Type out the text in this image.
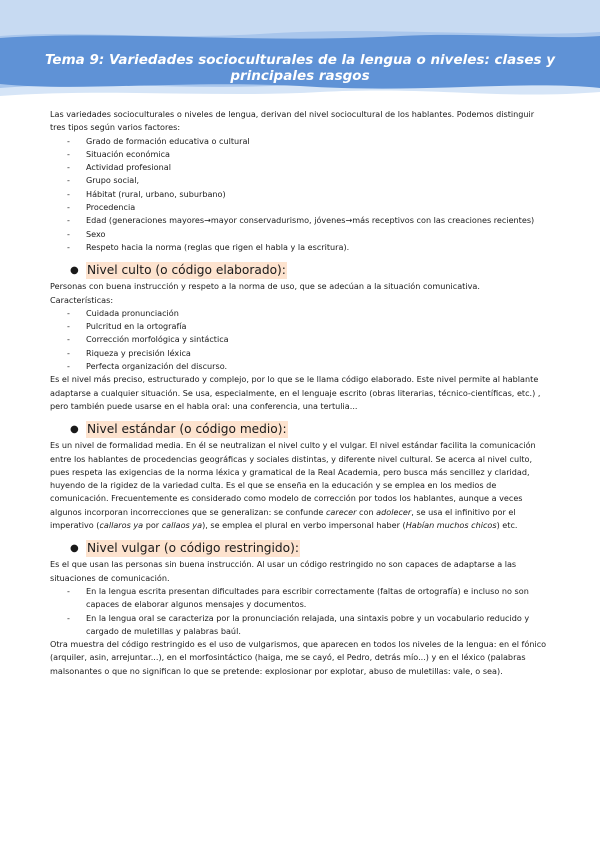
Tema 9: Variedades socioculturales de la lengua o niveles: clases y principales rasgos

Las variedades socioculturales o niveles de lengua, derivan del nivel sociocultural de los hablantes. Podemos distinguir tres tipos según varios factores:

- Grado de formación educativa o cultural
- Situación económica
- Actividad profesional
- Grupo social,
- Hábitat (rural, urbano, suburbano)
- Procedencia
- Edad (generaciones mayores→mayor conservadurismo, jóvenes→más receptivos con las creaciones recientes)
- Sexo
- Respeto hacia la norma (reglas que rigen el habla y la escritura).
● Nivel culto (o código elaborado):

Personas con buena instrucción y respeto a la norma de uso, que se adecúan a la situación comunicativa.

Características:

- Cuidada pronunciación
- Pulcritud en la ortografía
- Corrección morfológica y sintáctica
- Riqueza y precisión léxica
- Perfecta organización del discurso.

Es el nivel más preciso, estructurado y complejo, por lo que se le llama código elaborado. Este nivel permite al hablante adaptarse a cualquier situación. Se usa, especialmente, en el lenguaje escrito (obras literarias, técnico-científicas, etc.) , pero también puede usarse en el habla oral: una conferencia, una tertulia...

● Nivel estándar (o código medio):

Es un nivel de formalidad media. En él se neutralizan el nivel culto y el vulgar. El nivel estándar facilita la comunicación entre los hablantes de procedencias geográficas y sociales distintas, y diferente nivel cultural. Se acerca al nivel culto, pues respeta las exigencias de la norma léxica y gramatical de la Real Academia, pero busca más sencillez y claridad, huyendo de la rigidez de la variedad culta. Es el que se enseña en la educación y se emplea en los medios de comunicación. Frecuentemente es considerado como modelo de corrección por todos los hablantes, aunque a veces algunos incorporan incorrecciones que se generalizan: se confunde carecer con adolecer, se usa el infinitivo por el imperativo (callaros ya por callaos ya), se emplea el plural en verbo impersonal haber (Habían muchos chicos) etc.

● Nivel vulgar (o código restringido):

Es el que usan las personas sin buena instrucción. Al usar un código restringido no son capaces de adaptarse a las situaciones de comunicación.

- En la lengua escrita presentan dificultades para escribir correctamente (faltas de ortografía) e incluso no son capaces de elaborar algunos mensajes y documentos.
- En la lengua oral se caracteriza por la pronunciación relajada, una sintaxis pobre y un vocabulario reducido y cargado de muletillas y palabras baúl.

Otra muestra del código restringido es el uso de vulgarismos, que aparecen en todos los niveles de la lengua: en el fónico (arquiler, asin, arrejuntar...), en el morfosintáctico (haiga, me se cayó, el Pedro, detrás mío...) y en el léxico (palabras malsonantes o que no significan lo que se pretende: explosionar por explotar, abuso de muletillas: vale, o sea).
